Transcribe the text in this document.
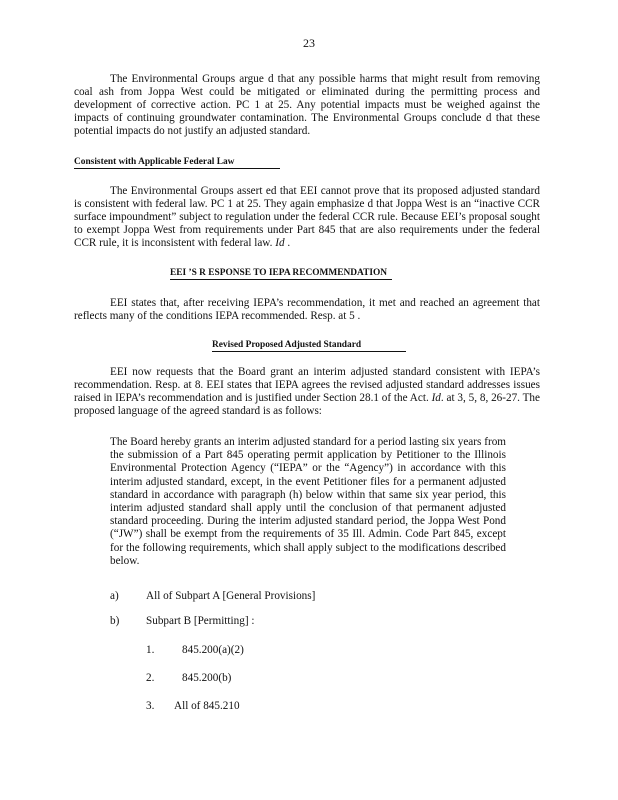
23

The Environmental Groups argue d that any possible harms that might result from removing coal ash from Joppa West could be mitigated or eliminated during the permitting process and development of corrective action. PC 1 at 25. Any potential impacts must be weighed against the impacts of continuing groundwater contamination. The Environmental Groups conclude d that these potential impacts do not justify an adjusted standard.

Consistent with Applicable Federal Law

The Environmental Groups assert ed that EEI cannot prove that its proposed adjusted standard is consistent with federal law. PC 1 at 25. They again emphasize d that Joppa West is an “inactive CCR surface impoundment” subject to regulation under the federal CCR rule. Because EEI’s proposal sought to exempt Joppa West from requirements under Part 845 that are also requirements under the federal CCR rule, it is inconsistent with federal law. Id .

EEI ’S R ESPONSE TO IEPA RECOMMENDATION

EEI states that, after receiving IEPA’s recommendation, it met and reached an agreement that reflects many of the conditions IEPA recommended. Resp. at 5 .

Revised Proposed Adjusted Standard

EEI now requests that the Board grant an interim adjusted standard consistent with IEPA’s recommendation. Resp. at 8. EEI states that IEPA agrees the revised adjusted standard addresses issues raised in IEPA’s recommendation and is justified under Section 28.1 of the Act. Id. at 3, 5, 8, 26-27. The proposed language of the agreed standard is as follows:

The Board hereby grants an interim adjusted standard for a period lasting six years from the submission of a Part 845 operating permit application by Petitioner to the Illinois Environmental Protection Agency (“IEPA” or the “Agency”) in accordance with this interim adjusted standard, except, in the event Petitioner files for a permanent adjusted standard in accordance with paragraph (h) below within that same six year period, this interim adjusted standard shall apply until the conclusion of that permanent adjusted standard proceeding. During the interim adjusted standard period, the Joppa West Pond (“JW”) shall be exempt from the requirements of 35 Ill. Admin. Code Part 845, except for the following requirements, which shall apply subject to the modifications described below.

a) All of Subpart A [General Provisions]
b) Subpart B [Permitting] :
1. 845.200(a)(2)
2. 845.200(b)
3. All of 845.210
